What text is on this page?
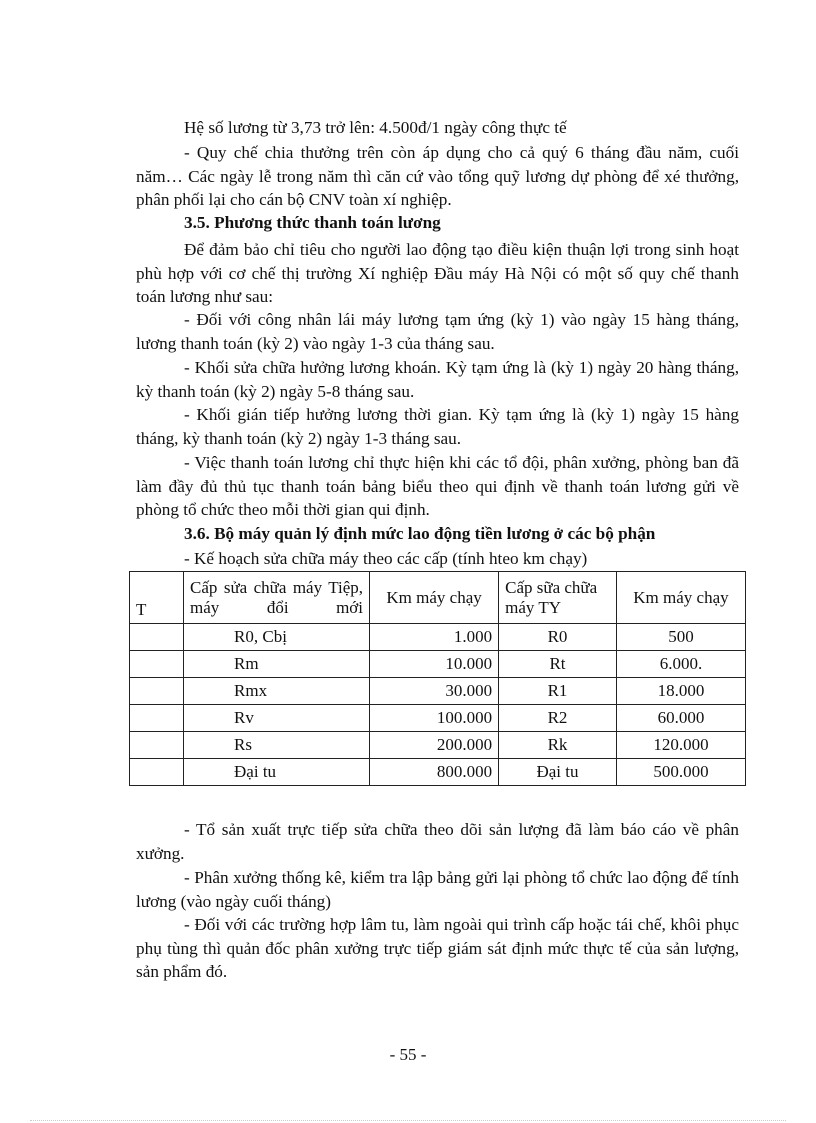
Hệ số lương từ 3,73 trở lên: 4.500đ/1 ngày công thực tế
- Quy chế chia thưởng trên còn áp dụng cho cả quý 6 tháng đầu năm, cuối năm… Các ngày lễ trong năm thì căn cứ vào tổng quỹ lương dự phòng để xé thưởng, phân phối lại cho cán bộ CNV toàn xí nghiệp.
3.5. Phương thức thanh toán lương
Để đảm bảo chỉ tiêu cho người lao động tạo điều kiện thuận lợi trong sinh hoạt phù hợp với cơ chế thị trường Xí nghiệp Đầu máy Hà Nội có một số quy chế thanh toán lương như sau:
- Đối với công nhân lái máy lương tạm ứng (kỳ 1) vào ngày 15 hàng tháng, lương thanh toán (kỳ 2) vào ngày 1-3 của tháng sau.
- Khối sửa chữa hưởng lương khoán. Kỳ tạm ứng là (kỳ 1) ngày 20 hàng tháng, kỳ thanh toán (kỳ 2) ngày 5-8 tháng sau.
- Khối gián tiếp hưởng lương thời gian. Kỳ tạm ứng là (kỳ 1) ngày 15 hàng tháng, kỳ thanh toán (kỳ 2) ngày 1-3 tháng sau.
- Việc thanh toán lương chỉ thực hiện khi các tổ đội, phân xưởng, phòng ban đã làm đầy đủ thủ tục thanh toán bảng biểu theo qui định về thanh toán lương gửi về phòng tổ chức theo mỗi thời gian qui định.
3.6. Bộ máy quản lý định mức lao động tiền lương ở các bộ phận
- Kế hoạch sửa chữa máy theo các cấp (tính hteo km chạy)
T	Cấp sửa chữa máy Tiệp, máy đổi mới	Km máy chạy	Cấp sữa chữa máy TY	Km máy chạy
	R0, Cbị	1.000	R0	500
	Rm	10.000	Rt	6.000.
	Rmx	30.000	R1	18.000
	Rv	100.000	R2	60.000
	Rs	200.000	Rk	120.000
	Đại tu	800.000	Đại tu	500.000
- Tổ sản xuất trực tiếp sửa chữa theo dõi sản lượng đã làm báo cáo về phân xưởng.
- Phân xưởng thống kê, kiểm tra lập bảng gửi lại phòng tổ chức lao động để tính lương (vào ngày cuối tháng)
- Đối với các trường hợp lâm tu, làm ngoài qui trình cấp hoặc tái chế, khôi phục phụ tùng thì quản đốc phân xưởng trực tiếp giám sát định mức thực tế của sản lượng, sản phẩm đó.
- 55 -
